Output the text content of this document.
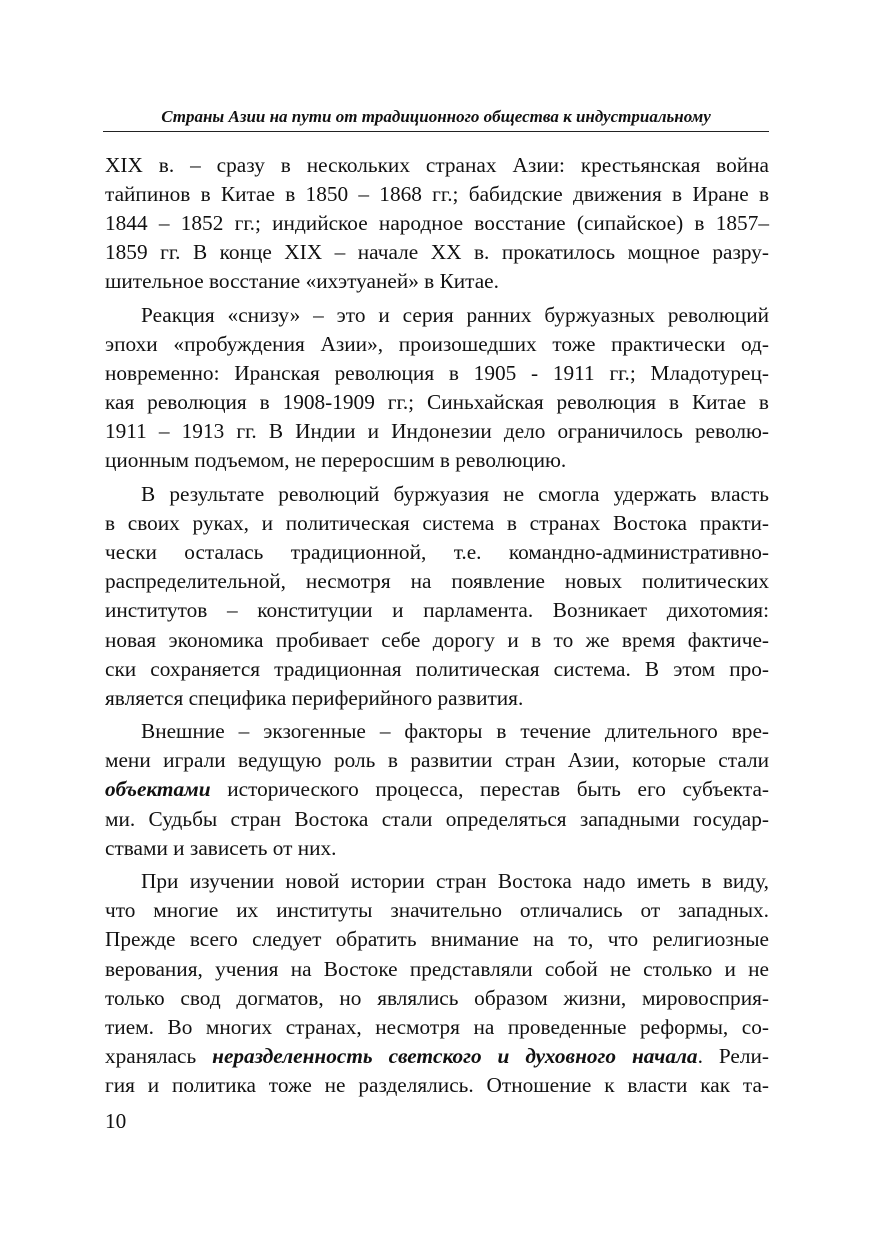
Страны Азии на пути от традиционного общества к индустриальному
XIX в. – сразу в нескольких странах Азии: крестьянская война
тайпинов в Китае в 1850 – 1868 гг.; бабидские движения в Иране в
1844 – 1852 гг.; индийское народное восстание (сипайское) в 1857–
1859 гг. В конце XIX – начале XX в. прокатилось мощное разру-
шительное восстание «ихэтуаней» в Китае.
Реакция «снизу» – это и серия ранних буржуазных революций
эпохи «пробуждения Азии», произошедших тоже практически од-
новременно: Иранская революция в 1905 - 1911 гг.; Младотурец-
кая революция в 1908-1909 гг.; Синьхайская революция в Китае в
1911 – 1913 гг. В Индии и Индонезии дело ограничилось револю-
ционным подъемом, не переросшим в революцию.
В результате революций буржуазия не смогла удержать власть
в своих руках, и политическая система в странах Востока практи-
чески осталась традиционной, т.е. командно-административно-
распределительной, несмотря на появление новых политических
институтов – конституции и парламента. Возникает дихотомия:
новая экономика пробивает себе дорогу и в то же время фактиче-
ски сохраняется традиционная политическая система. В этом про-
является специфика периферийного развития.
Внешние – экзогенные – факторы в течение длительного вре-
мени играли ведущую роль в развитии стран Азии, которые стали
объектами исторического процесса, перестав быть его субъекта-
ми. Судьбы стран Востока стали определяться западными государ-
ствами и зависеть от них.
При изучении новой истории стран Востока надо иметь в виду,
что многие их институты значительно отличались от западных.
Прежде всего следует обратить внимание на то, что религиозные
верования, учения на Востоке представляли собой не столько и не
только свод догматов, но являлись образом жизни, мировосприя-
тием. Во многих странах, несмотря на проведенные реформы, со-
хранялась неразделенность светского и духовного начала. Рели-
гия и политика тоже не разделялись. Отношение к власти как та-
10
